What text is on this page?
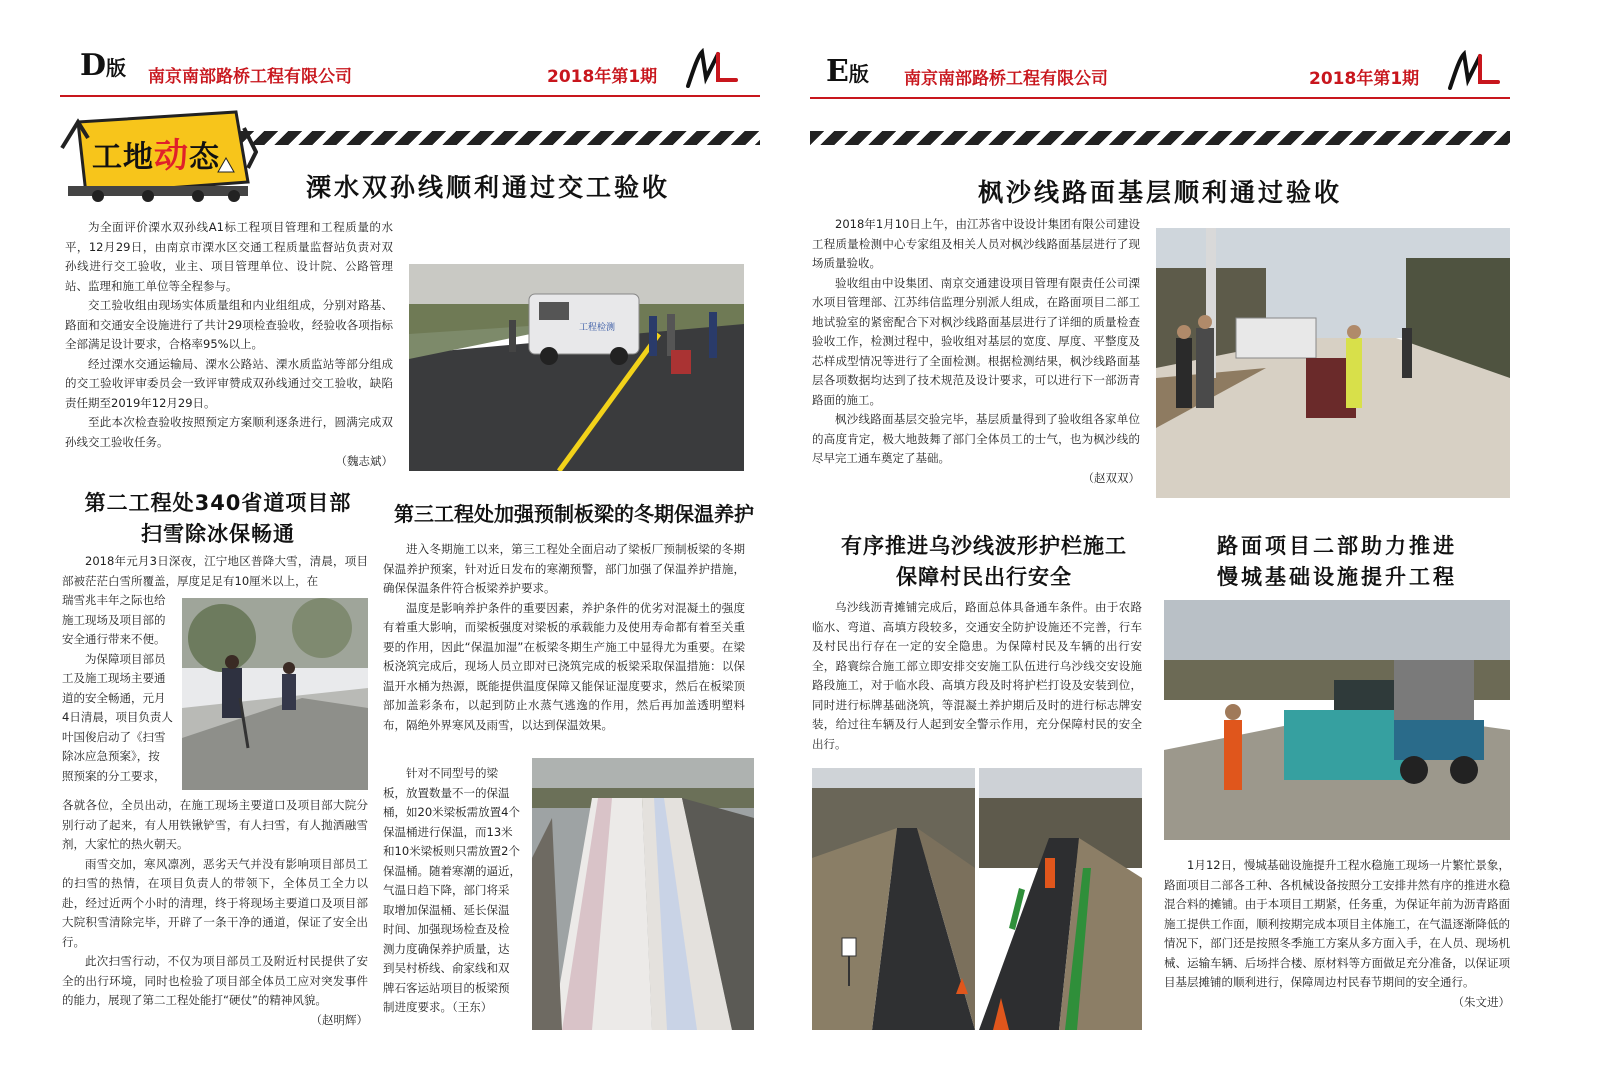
D版 南京南部路桥工程有限公司	2018年第1期	E版 南京南部路桥工程有限公司	2018年第1期
工地动态
溧水双孙线顺利通过交工验收

为全面评价溧水双孙线A1标工程项目管理和工程质量的水平，12月29日，由南京市溧水区交通工程质量监督站负责对双孙线进行交工验收，业主、项目管理单位、设计院、公路管理站、监理和施工单位等全程参与。

交工验收组由现场实体质量组和内业组组成，分别对路基、路面和交通安全设施进行了共计29项检查验收，经验收各项指标全部满足设计要求，合格率95%以上。

经过溧水交通运输局、溧水公路站、溧水质监站等部分组成的交工验收评审委员会一致评审赞成双孙线通过交工验收，缺陷责任期至2019年12月29日。

至此本次检查验收按照预定方案顺利逐条进行，圆满完成双孙线交工验收任务。

（魏志斌）
工程检测
第二工程处340省道项目部
扫雪除冰保畅通

2018年元月3日深夜，江宁地区普降大雪，清晨，项目部被茫茫白雪所覆盖，厚度足足有10厘米以上，在

瑞雪兆丰年之际也给
施工现场及项目部的
安全通行带来不便。
为保障项目部员
工及施工现场主要通
道的安全畅通，元月
4日清晨，项目负责人
叶国俊启动了《扫雪
除冰应急预案》，按
照预案的分工要求，
各就各位，全员出动，在施工现场主要道口及项目部大院分别行动了起来，有人用铁锹铲雪，有人扫雪，有人抛洒融雪剂，大家忙的热火朝天。

雨雪交加，寒风凛冽，恶劣天气并没有影响项目部员工的扫雪的热情，在项目负责人的带领下，全体员工全力以赴，经过近两个小时的清理，终于将现场主要道口及项目部大院积雪清除完毕，开辟了一条干净的通道，保证了安全出行。

此次扫雪行动，不仅为项目部员工及附近村民提供了安全的出行环境，同时也检验了项目部全体员工应对突发事件的能力，展现了第二工程处能打“硬仗”的精神风貌。

（赵明辉）
第三工程处加强预制板梁的冬期保温养护

进入冬期施工以来，第三工程处全面启动了梁板厂预制板梁的冬期保温养护预案，针对近日发布的寒潮预警，部门加强了保温养护措施，确保保温条件符合板梁养护要求。

温度是影响养护条件的重要因素，养护条件的优劣对混凝土的强度有着重大影响，而梁板强度对梁板的承载能力及使用寿命都有着至关重要的作用，因此“保温加湿”在板梁冬期生产施工中显得尤为重要。在梁板浇筑完成后，现场人员立即对已浇筑完成的板梁采取保温措施：以保温开水桶为热源，既能提供温度保障又能保证湿度要求，然后在板梁顶部加盖彩条布，以起到防止水蒸气逃逸的作用，然后再加盖透明塑料布，隔绝外界寒风及雨雪，以达到保温效果。

针对不同型号的梁
板，放置数量不一的保温
桶，如20米梁板需放置4个
保温桶进行保温，而13米
和10米梁板则只需放置2个
保温桶。随着寒潮的逼近，
气温日趋下降，部门将采
取增加保温桶、延长保温
时间、加强现场检查及检
测力度确保养护质量，达
到吴村桥线、俞家线和双
牌石客运站项目的板梁预
制进度要求。（王东）
枫沙线路面基层顺利通过验收

2018年1月10日上午，由江苏省中设设计集团有限公司建设工程质量检测中心专家组及相关人员对枫沙线路面基层进行了现场质量验收。

验收组由中设集团、南京交通建设项目管理有限责任公司溧水项目管理部、江苏纬信监理分别派人组成，在路面项目二部工地试验室的紧密配合下对枫沙线路面基层进行了详细的质量检查验收工作，检测过程中，验收组对基层的宽度、厚度、平整度及芯样成型情况等进行了全面检测。根据检测结果，枫沙线路面基层各项数据均达到了技术规范及设计要求，可以进行下一部沥青路面的施工。

枫沙线路面基层交验完毕，基层质量得到了验收组各家单位的高度肯定，极大地鼓舞了部门全体员工的士气，也为枫沙线的尽早完工通车奠定了基础。

（赵双双）
有序推进乌沙线波形护栏施工
保障村民出行安全

乌沙线沥青摊铺完成后，路面总体具备通车条件。由于农路临水、弯道、高填方段较多，交通安全防护设施还不完善，行车及村民出行存在一定的安全隐患。为保障村民及车辆的出行安全，路寰综合施工部立即安排交安施工队伍进行乌沙线交安设施路段施工，对于临水段、高填方段及时将护栏打设及安装到位，同时进行标牌基础浇筑，等混凝土养护期后及时的进行标志牌安装，给过往车辆及行人起到安全警示作用，充分保障村民的安全出行。

路面项目二部助力推进
慢城基础设施提升工程

1月12日，慢城基础设施提升工程水稳施工现场一片繁忙景象，路面项目二部各工种、各机械设备按照分工安排井然有序的推进水稳混合料的摊铺。由于本项目工期紧，任务重，为保证年前为沥青路面施工提供工作面，顺利按期完成本项目主体施工，在气温逐渐降低的情况下，部门还是按照冬季施工方案从多方面入手，在人员、现场机械、运输车辆、后场拌合楼、原材料等方面做足充分准备，以保证项目基层摊铺的顺利进行，保障周边村民春节期间的安全通行。

（朱文进）
